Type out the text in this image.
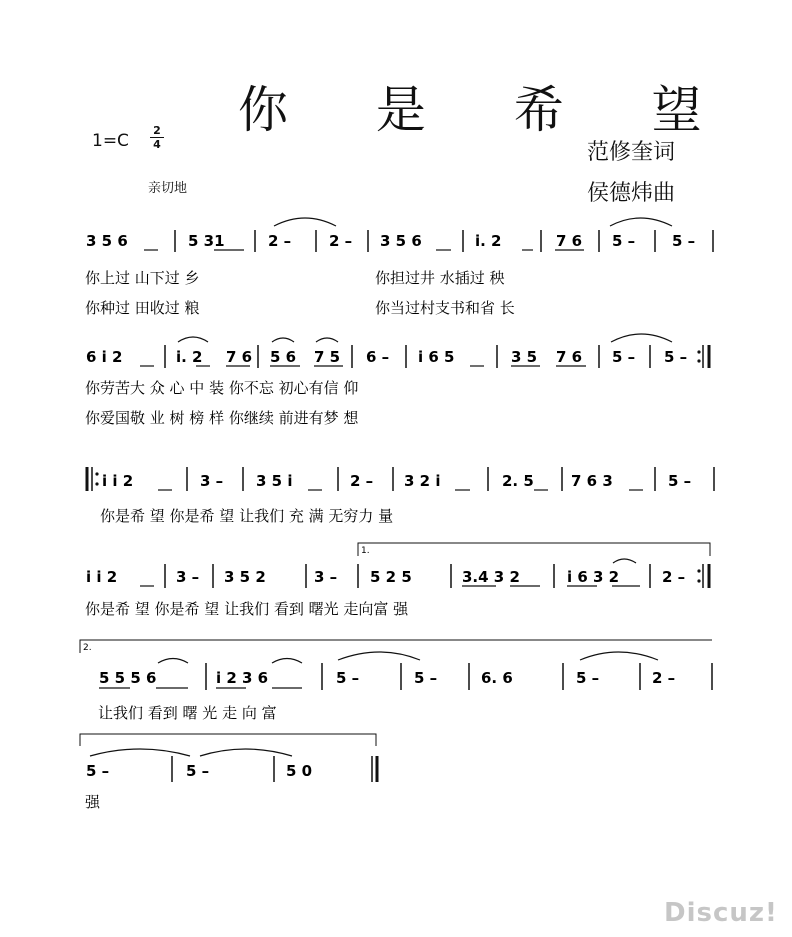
你 是 希 望
1=C
2
4
亲切地
范修奎词
侯德炜曲
Discuz!
3 5 6	5 31	2 –	2 – 3 5 6	i. 2	7 6 5 – 5 –
你上过 山下过 乡	你担过井 水插过 秧
你种过 田收过 粮	你当过村支书和省 长
6 i 2	i. 2 7 6 5 6 7 5 6 – i 6 5	3 5 7 6 5 – 5 –
你劳苦大 众 心 中 装 你不忘 初心有信 仰
你爱国敬 业 树 榜 样 你继续 前进有梦 想
i i 2	3 – 3 5 i	2 – 3 2 i	2. 5 7 6 3	5 –
你是希 望 你是希 望 让我们 充 满 无穷力 量
1.
i i 2	3 – 3 5 2	3 – 5 2 5	3.4 3 2	i 6 3 2	2 –
你是希 望 你是希 望 让我们 看到 曙光 走向富 强
2.
5 5 5 6	i 2 3 6	5 –	5 –	6. 6	5 –	2 –
让我们 看到 曙 光 走 向 富
5 –	5 –	5 0
强
